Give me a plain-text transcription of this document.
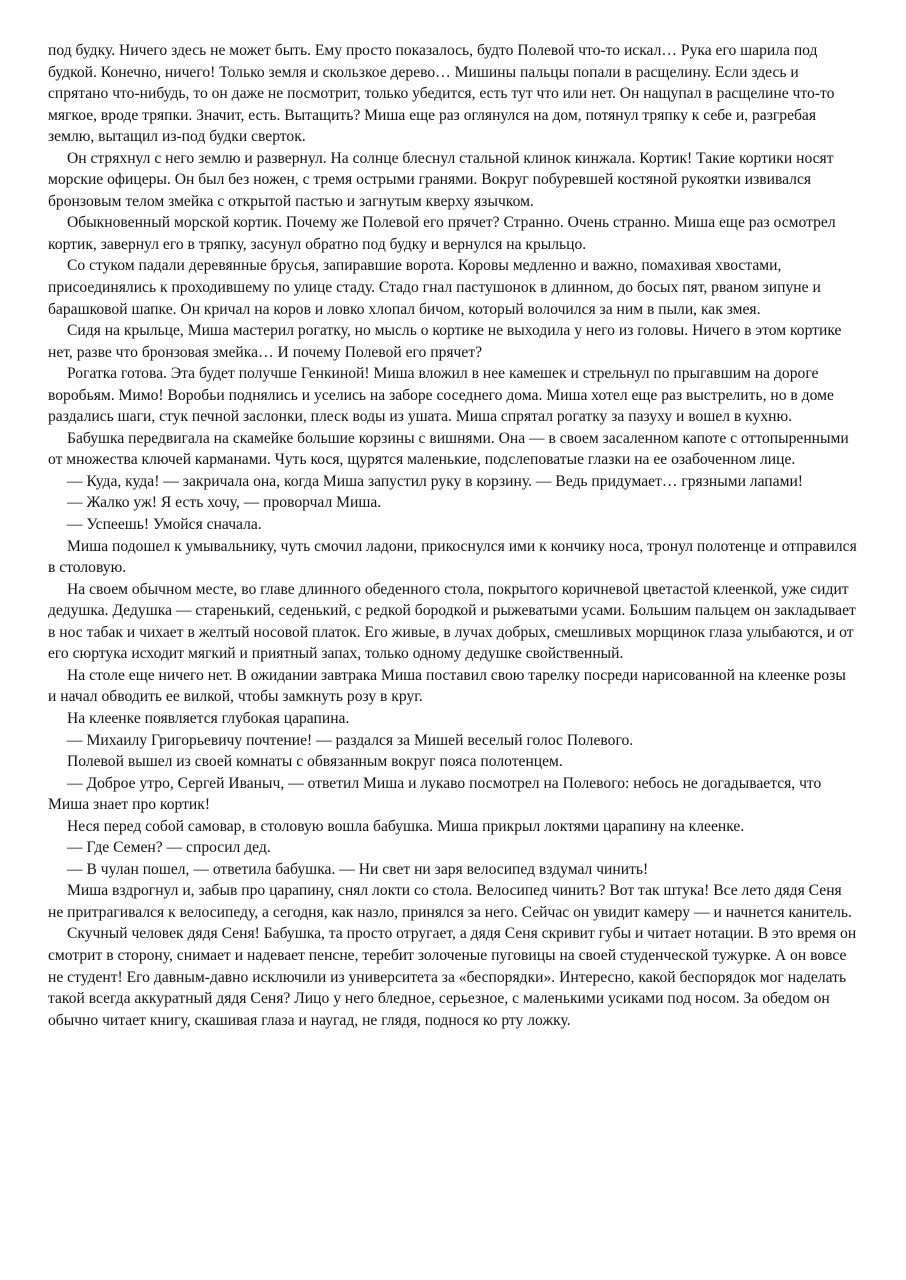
под будку. Ничего здесь не может быть. Ему просто показалось, будто Полевой что-то искал… Рука его шарила под будкой. Конечно, ничего! Только земля и скользкое дерево… Мишины пальцы попали в расщелину. Если здесь и спрятано что-нибудь, то он даже не посмотрит, только убедится, есть тут что или нет. Он нащупал в расщелине что-то мягкое, вроде тряпки. Значит, есть. Вытащить? Миша еще раз оглянулся на дом, потянул тряпку к себе и, разгребая землю, вытащил из-под будки сверток.

Он стряхнул с него землю и развернул. На солнце блеснул стальной клинок кинжала. Кортик! Такие кортики носят морские офицеры. Он был без ножен, с тремя острыми гранями. Вокруг побуревшей костяной рукоятки извивался бронзовым телом змейка с открытой пастью и загнутым кверху язычком.

Обыкновенный морской кортик. Почему же Полевой его прячет? Странно. Очень странно. Миша еще раз осмотрел кортик, завернул его в тряпку, засунул обратно под будку и вернулся на крыльцо.

Со стуком падали деревянные брусья, запиравшие ворота. Коровы медленно и важно, помахивая хвостами, присоединялись к проходившему по улице стаду. Стадо гнал пастушонок в длинном, до босых пят, рваном зипуне и барашковой шапке. Он кричал на коров и ловко хлопал бичом, который волочился за ним в пыли, как змея.

Сидя на крыльце, Миша мастерил рогатку, но мысль о кортике не выходила у него из головы. Ничего в этом кортике нет, разве что бронзовая змейка… И почему Полевой его прячет?

Рогатка готова. Эта будет получше Генкиной! Миша вложил в нее камешек и стрельнул по прыгавшим на дороге воробьям. Мимо! Воробьи поднялись и уселись на заборе соседнего дома. Миша хотел еще раз выстрелить, но в доме раздались шаги, стук печной заслонки, плеск воды из ушата. Миша спрятал рогатку за пазуху и вошел в кухню.

Бабушка передвигала на скамейке большие корзины с вишнями. Она — в своем засаленном капоте с оттопыренными от множества ключей карманами. Чуть кося, щурятся маленькие, подслеповатые глазки на ее озабоченном лице.

— Куда, куда! — закричала она, когда Миша запустил руку в корзину. — Ведь придумает… грязными лапами!

— Жалко уж! Я есть хочу, — проворчал Миша.

— Успеешь! Умойся сначала.

Миша подошел к умывальнику, чуть смочил ладони, прикоснулся ими к кончику носа, тронул полотенце и отправился в столовую.

На своем обычном месте, во главе длинного обеденного стола, покрытого коричневой цветастой клеенкой, уже сидит дедушка. Дедушка — старенький, седенький, с редкой бородкой и рыжеватыми усами. Большим пальцем он закладывает в нос табак и чихает в желтый носовой платок. Его живые, в лучах добрых, смешливых морщинок глаза улыбаются, и от его сюртука исходит мягкий и приятный запах, только одному дедушке свойственный.

На столе еще ничего нет. В ожидании завтрака Миша поставил свою тарелку посреди нарисованной на клеенке розы и начал обводить ее вилкой, чтобы замкнуть розу в круг.

На клеенке появляется глубокая царапина.

— Михаилу Григорьевичу почтение! — раздался за Мишей веселый голос Полевого.

Полевой вышел из своей комнаты с обвязанным вокруг пояса полотенцем.

— Доброе утро, Сергей Иваныч, — ответил Миша и лукаво посмотрел на Полевого: небось не догадывается, что Миша знает про кортик!

Неся перед собой самовар, в столовую вошла бабушка. Миша прикрыл локтями царапину на клеенке.

— Где Семен? — спросил дед.

— В чулан пошел, — ответила бабушка. — Ни свет ни заря велосипед вздумал чинить!

Миша вздрогнул и, забыв про царапину, снял локти со стола. Велосипед чинить? Вот так штука! Все лето дядя Сеня не притрагивался к велосипеду, а сегодня, как назло, принялся за него. Сейчас он увидит камеру — и начнется канитель.

Скучный человек дядя Сеня! Бабушка, та просто отругает, а дядя Сеня скривит губы и читает нотации. В это время он смотрит в сторону, снимает и надевает пенсне, теребит золоченые пуговицы на своей студенческой тужурке. А он вовсе не студент! Его давным-давно исключили из университета за «беспорядки». Интересно, какой беспорядок мог наделать такой всегда аккуратный дядя Сеня? Лицо у него бледное, серьезное, с маленькими усиками под носом. За обедом он обычно читает книгу, скашивая глаза и наугад, не глядя, поднося ко рту ложку.
